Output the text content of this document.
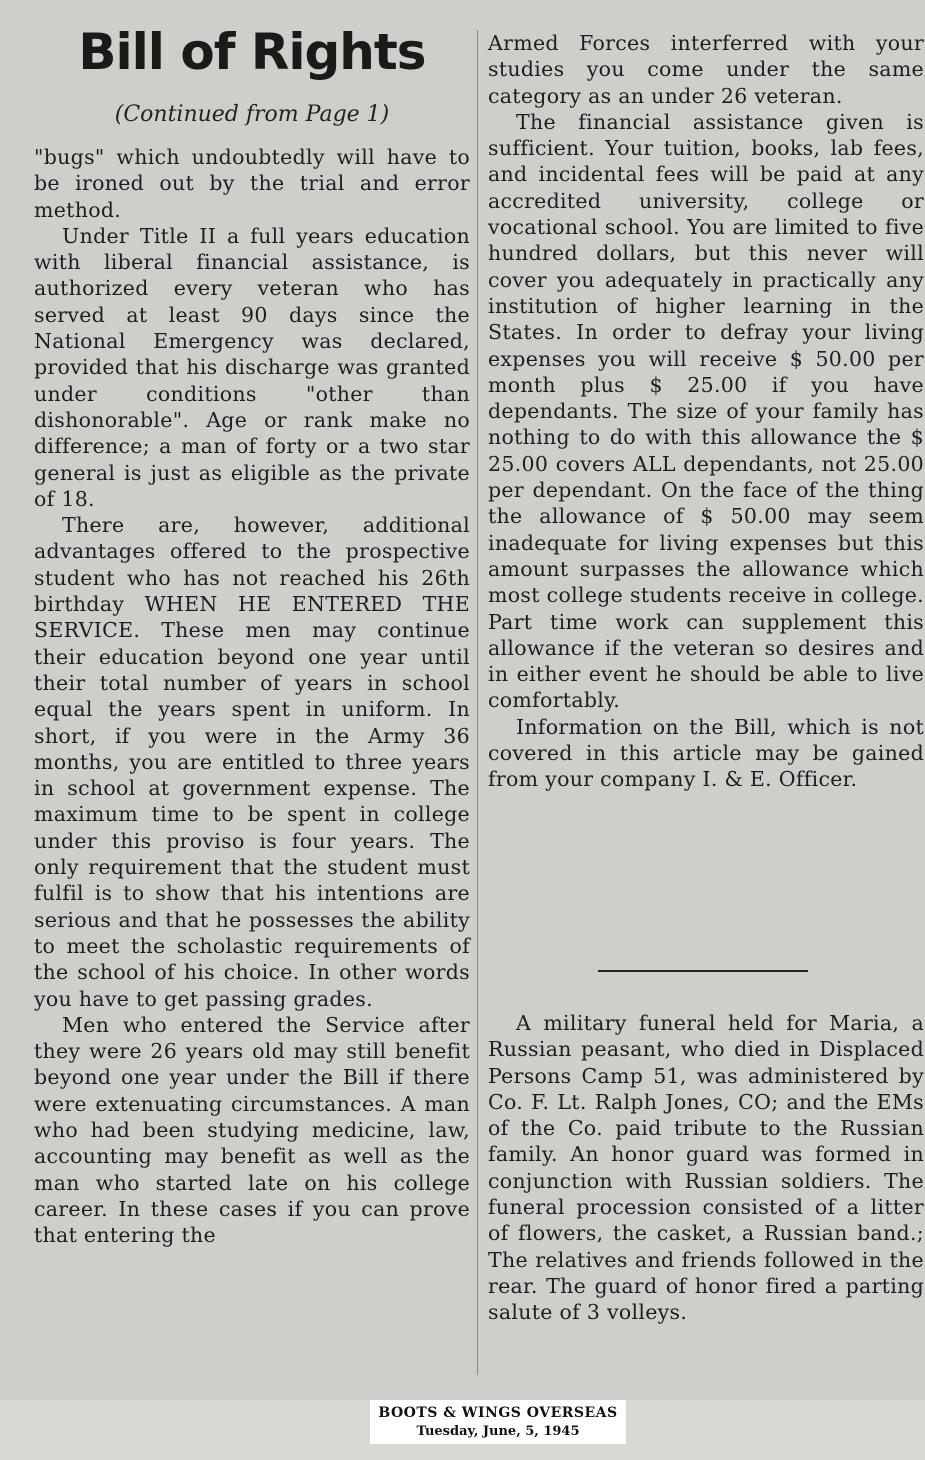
Bill of Rights
(Continued from Page 1)

"bugs" which undoubtedly will have to be ironed out by the trial and error method.

Under Title II a full years education with liberal financial assistance, is authorized every veteran who has served at least 90 days since the National Emergency was declared, provided that his discharge was granted under conditions "other than dishonorable". Age or rank make no difference; a man of forty or a two star general is just as eligible as the private of 18.

There are, however, additional advantages offered to the prospective student who has not reached his 26th birthday WHEN HE ENTERED THE SERVICE. These men may continue their education beyond one year until their total number of years in school equal the years spent in uniform. In short, if you were in the Army 36 months, you are entitled to three years in school at government expense. The maximum time to be spent in college under this proviso is four years. The only requirement that the student must fulfil is to show that his intentions are serious and that he possesses the ability to meet the scholastic requirements of the school of his choice. In other words you have to get passing grades.

Men who entered the Service after they were 26 years old may still benefit beyond one year under the Bill if there were extenuating circumstances. A man who had been studying medicine, law, accounting may benefit as well as the man who started late on his college career. In these cases if you can prove that entering the

Armed Forces interferred with your studies you come under the same category as an under 26 veteran.

The financial assistance given is sufficient. Your tuition, books, lab fees, and incidental fees will be paid at any accredited university, college or vocational school. You are limited to five hundred dollars, but this never will cover you adequately in practically any institution of higher learning in the States. In order to defray your living expenses you will receive $ 50.00 per month plus $ 25.00 if you have dependants. The size of your family has nothing to do with this allowance the $ 25.00 covers ALL dependants, not 25.00 per dependant. On the face of the thing the allowance of $ 50.00 may seem inadequate for living expenses but this amount surpasses the allowance which most college students receive in college. Part time work can supplement this allowance if the veteran so desires and in either event he should be able to live comfortably.

Information on the Bill, which is not covered in this article may be gained from your company I. & E. Officer.

A military funeral held for Maria, a Russian peasant, who died in Displaced Persons Camp 51, was administered by Co. F. Lt. Ralph Jones, CO; and the EMs of the Co. paid tribute to the Russian family. An honor guard was formed in conjunction with Russian soldiers. The funeral procession consisted of a litter of flowers, the casket, a Russian band.; The relatives and friends followed in the rear. The guard of honor fired a parting salute of 3 volleys.

BOOTS & WINGS OVERSEAS
Tuesday, June, 5, 1945
